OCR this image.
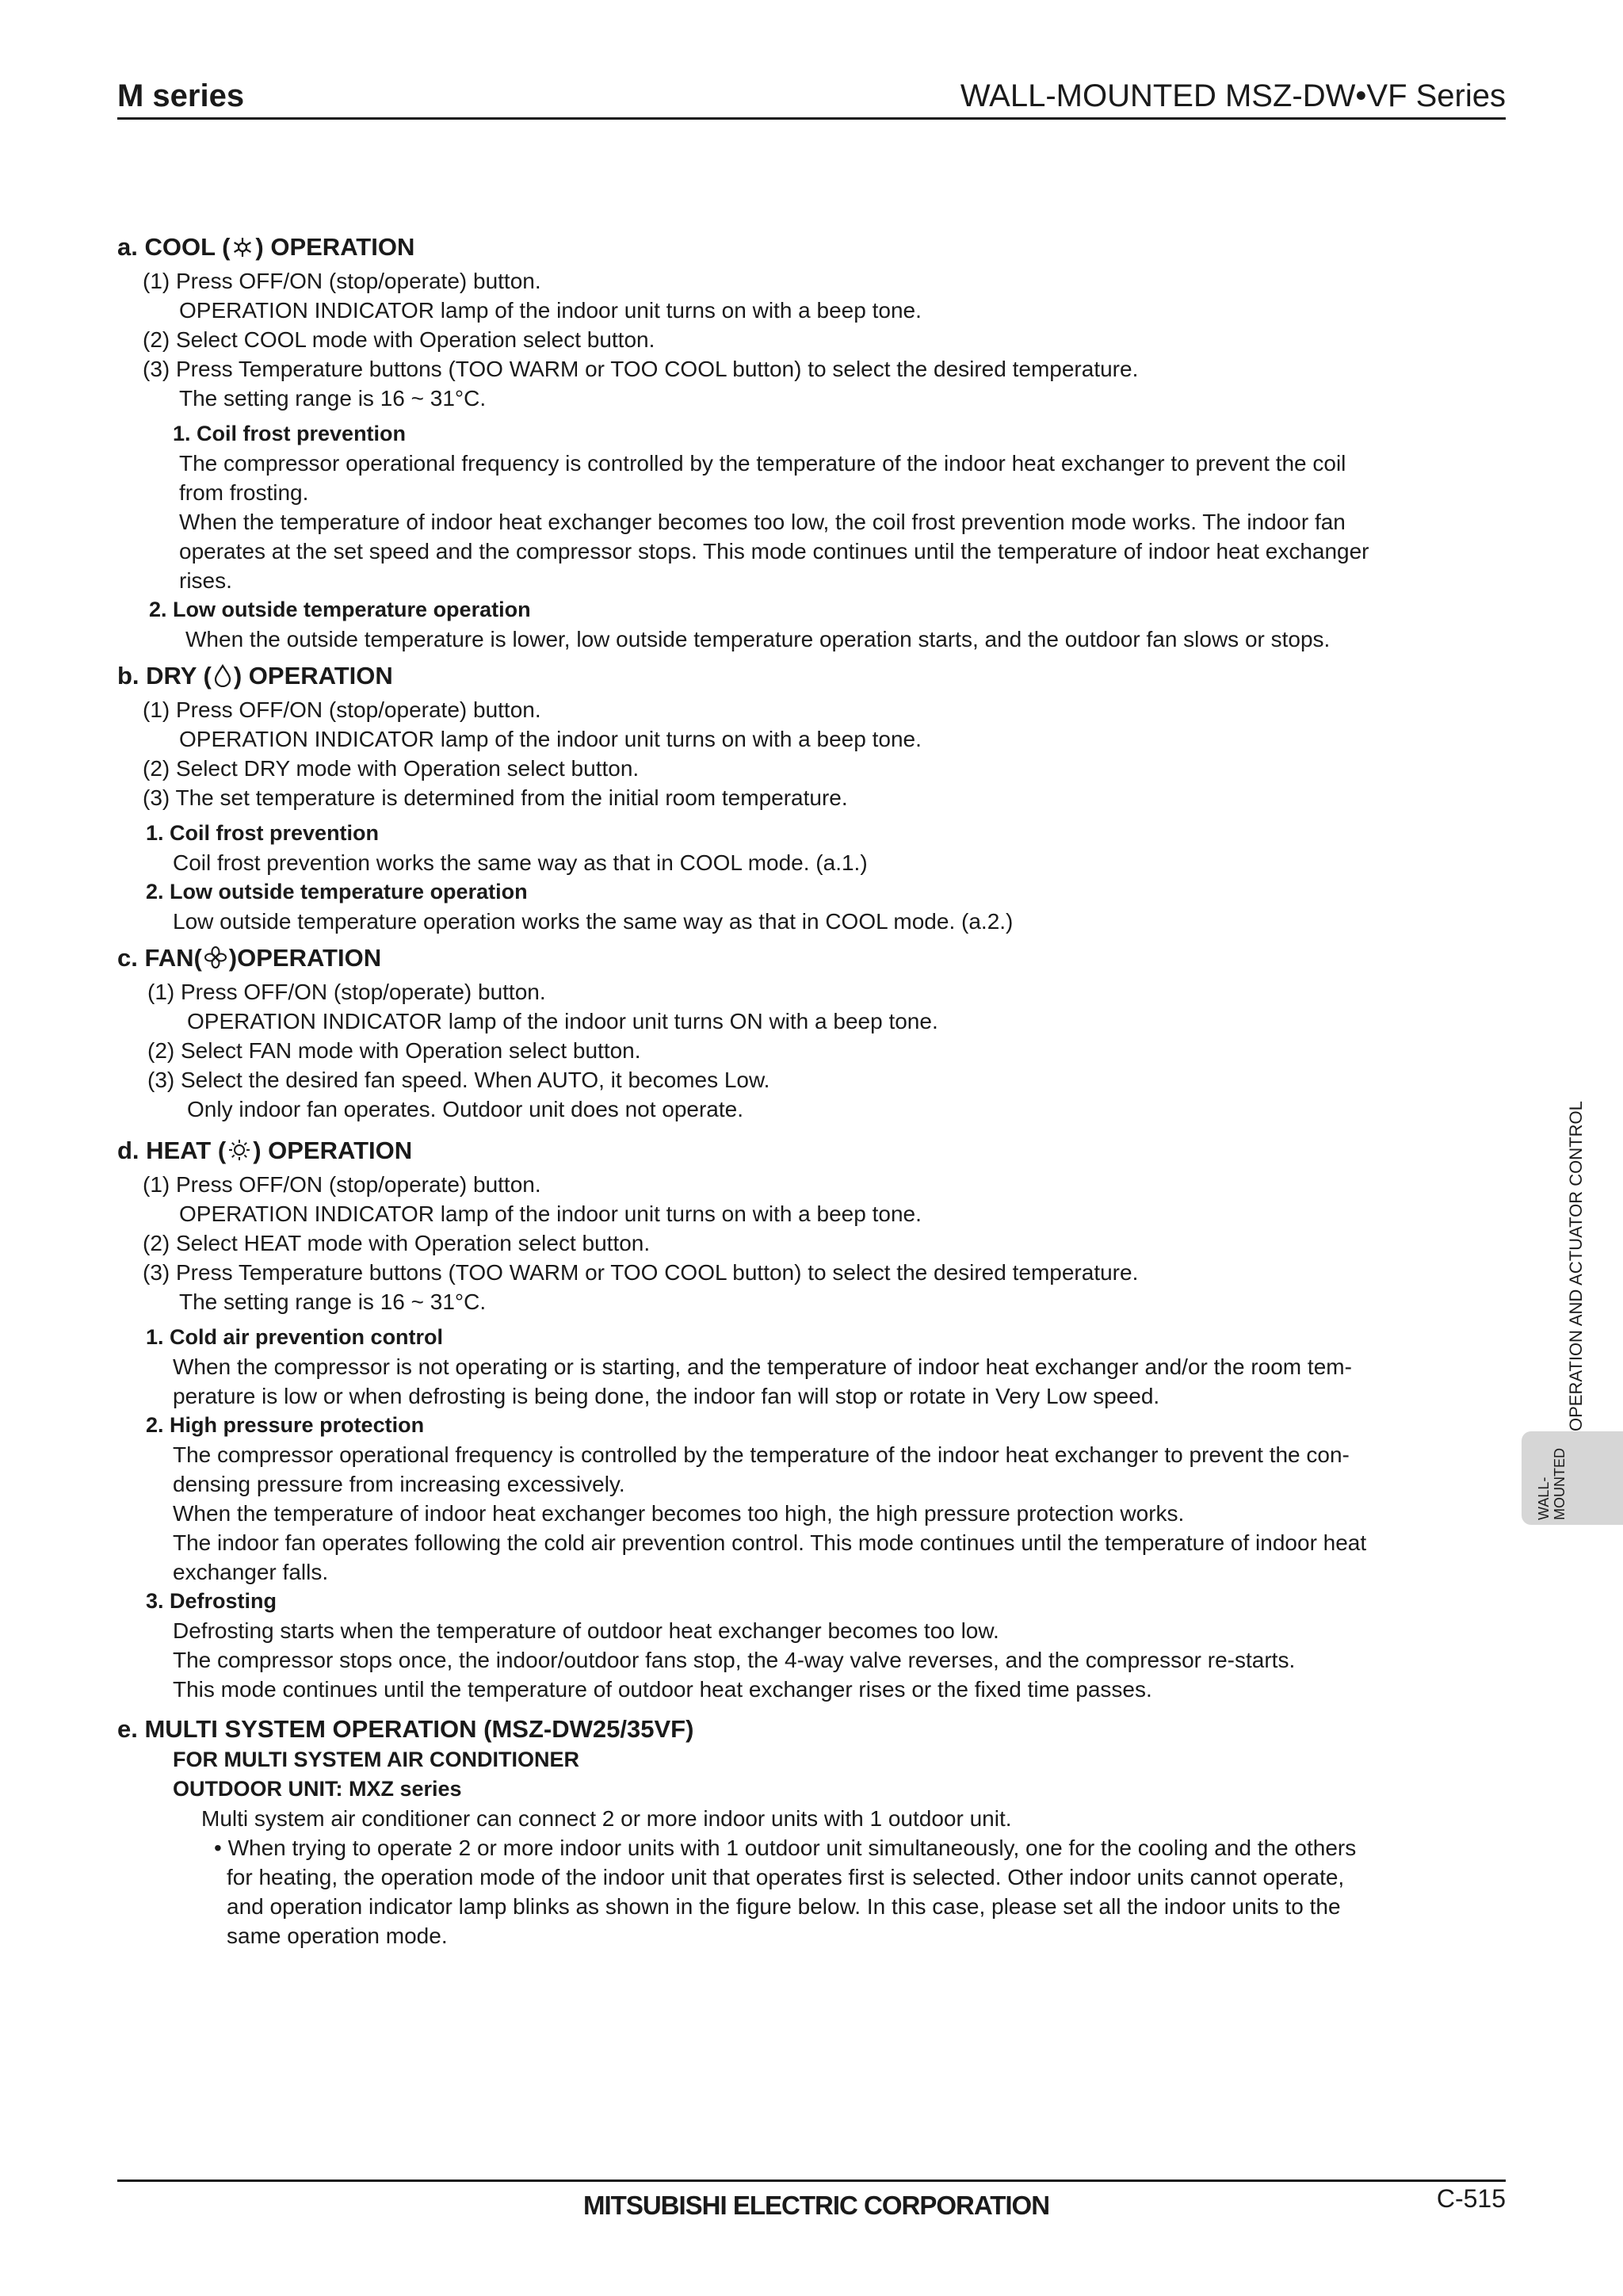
M series	WALL-MOUNTED MSZ-DW•VF Series
a. COOL ( ) OPERATION
(1) Press OFF/ON (stop/operate) button.
OPERATION INDICATOR lamp of the indoor unit turns on with a beep tone.
(2) Select COOL mode with Operation select button.
(3) Press Temperature buttons (TOO WARM or TOO COOL button) to select the desired temperature.
The setting range is 16 ~ 31°C.
1. Coil frost prevention
The compressor operational frequency is controlled by the temperature of the indoor heat exchanger to prevent the coil
from frosting.
When the temperature of indoor heat exchanger becomes too low, the coil frost prevention mode works. The indoor fan
operates at the set speed and the compressor stops. This mode continues until the temperature of indoor heat exchanger
rises.
2. Low outside temperature operation
When the outside temperature is lower, low outside temperature operation starts, and the outdoor fan slows or stops.
b. DRY ( ) OPERATION
(1) Press OFF/ON (stop/operate) button.
OPERATION INDICATOR lamp of the indoor unit turns on with a beep tone.
(2) Select DRY mode with Operation select button.
(3) The set temperature is determined from the initial room temperature.
1. Coil frost prevention
Coil frost prevention works the same way as that in COOL mode. (a.1.)
2. Low outside temperature operation
Low outside temperature operation works the same way as that in COOL mode. (a.2.)
c. FAN( )OPERATION
(1) Press OFF/ON (stop/operate) button.
OPERATION INDICATOR lamp of the indoor unit turns ON with a beep tone.
(2) Select FAN mode with Operation select button.
(3) Select the desired fan speed. When AUTO, it becomes Low.
Only indoor fan operates. Outdoor unit does not operate.
d. HEAT ( ) OPERATION
(1) Press OFF/ON (stop/operate) button.
OPERATION INDICATOR lamp of the indoor unit turns on with a beep tone.
(2) Select HEAT mode with Operation select button.
(3) Press Temperature buttons (TOO WARM or TOO COOL button) to select the desired temperature.
The setting range is 16 ~ 31°C.
1. Cold air prevention control
When the compressor is not operating or is starting, and the temperature of indoor heat exchanger and/or the room tem-
perature is low or when defrosting is being done, the indoor fan will stop or rotate in Very Low speed.
2. High pressure protection
The compressor operational frequency is controlled by the temperature of the indoor heat exchanger to prevent the con-
densing pressure from increasing excessively.
When the temperature of indoor heat exchanger becomes too high, the high pressure protection works.
The indoor fan operates following the cold air prevention control. This mode continues until the temperature of indoor heat
exchanger falls.
3. Defrosting
Defrosting starts when the temperature of outdoor heat exchanger becomes too low.
The compressor stops once, the indoor/outdoor fans stop, the 4-way valve reverses, and the compressor re-starts.
This mode continues until the temperature of outdoor heat exchanger rises or the fixed time passes.
e. MULTI SYSTEM OPERATION (MSZ-DW25/35VF)
FOR MULTI SYSTEM AIR CONDITIONER
OUTDOOR UNIT: MXZ series
Multi system air conditioner can connect 2 or more indoor units with 1 outdoor unit.
• When trying to operate 2 or more indoor units with 1 outdoor unit simultaneously, one for the cooling and the others
for heating, the operation mode of the indoor unit that operates first is selected. Other indoor units cannot operate,
and operation indicator lamp blinks as shown in the figure below. In this case, please set all the indoor units to the
same operation mode.
OPERATION AND ACTUATOR CONTROL
WALL- MOUNTED
MITSUBISHI ELECTRIC CORPORATION	C-515
